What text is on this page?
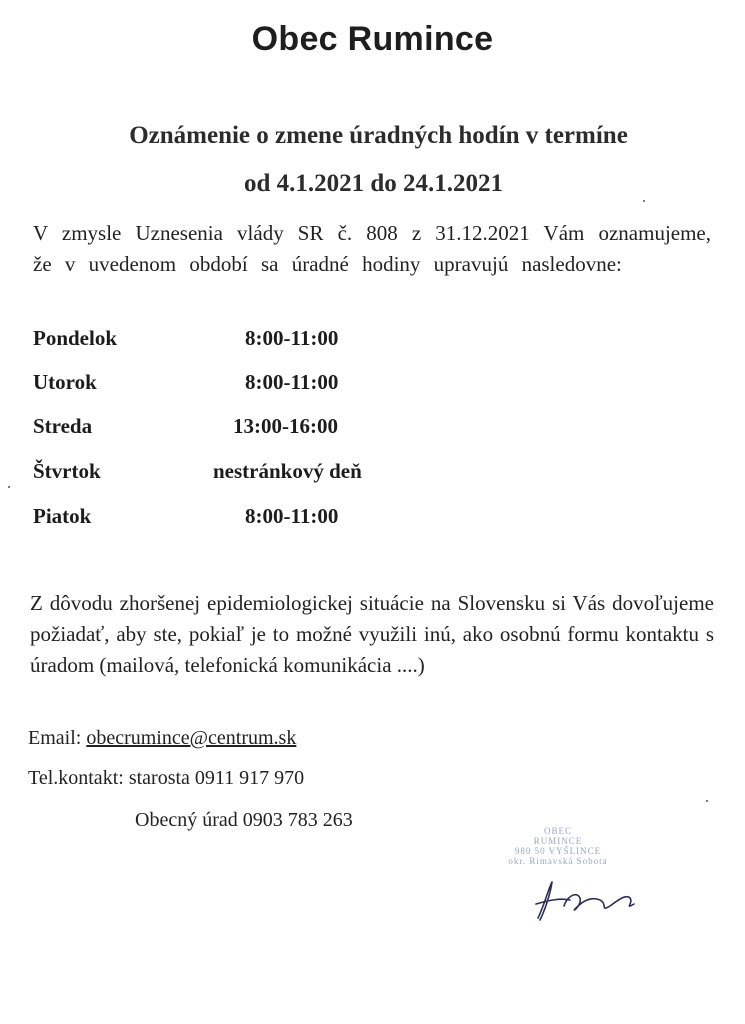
Obec Rumince
Oznámenie o zmene úradných hodín v termíne
od 4.1.2021 do 24.1.2021
V zmysle Uznesenia vlády SR č. 808 z 31.12.2021 Vám oznamujeme, že v uvedenom období sa úradné hodiny upravujú nasledovne:
Pondelok	8:00-11:00
Utorok	8:00-11:00
Streda	13:00-16:00
Štvrtok	nestránkový deň
Piatok	8:00-11:00
Z dôvodu zhoršenej epidemiologickej situácie na Slovensku si Vás dovoľujeme požiadať, aby ste, pokiaľ je to možné využili inú, ako osobnú formu kontaktu s úradom (mailová, telefonická komunikácia ....)
Email: obecrumince@centrum.sk
Tel.kontakt: starosta 0911 917 970
Obecný úrad 0903 783 263	OBEC
RUMINCE
980 50 VYŠLINCE
okr. Rimavská Sobota
